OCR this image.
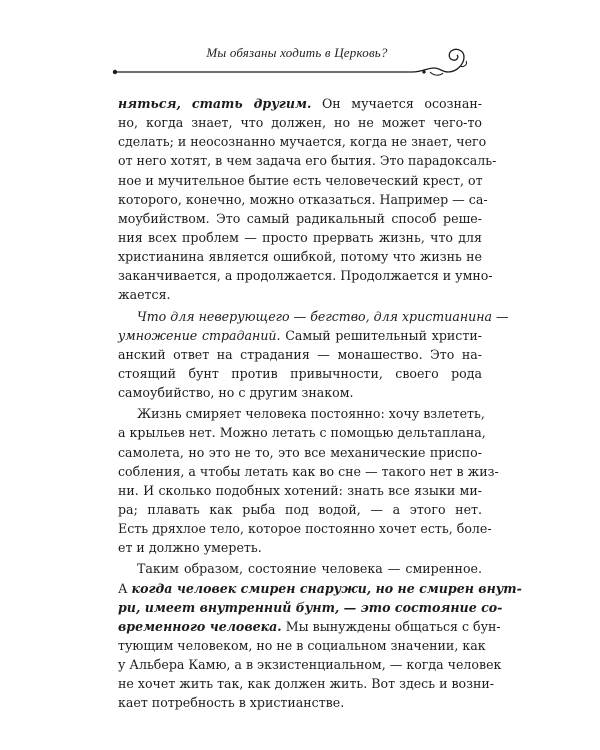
Мы обязаны ходить в Церковь?
няться, стать другим. Он мучается осознан-
но, когда знает, что должен, но не может чего-то
сделать; и неосознанно мучается, когда не знает, чего
от него хотят, в чем задача его бытия. Это парадоксаль-
ное и мучительное бытие есть человеческий крест, от
которого, конечно, можно отказаться. Например — са-
моубийством. Это самый радикальный способ реше-
ния всех проблем — просто прервать жизнь, что для
христианина является ошибкой, потому что жизнь не
заканчивается, а продолжается. Продолжается и умно-
жается.
Что для неверующего — бегство, для христианина —
умножение страданий. Самый решительный христи-
анский ответ на страдания — монашество. Это на-
стоящий бунт против привычности, своего рода
самоубийство, но с другим знаком.
Жизнь смиряет человека постоянно: хочу взлететь,
а крыльев нет. Можно летать с помощью дельтаплана,
самолета, но это не то, это все механические приспо-
собления, а чтобы летать как во сне — такого нет в жиз-
ни. И сколько подобных хотений: знать все языки ми-
ра; плавать как рыба под водой, — а этого нет.
Есть дряхлое тело, которое постоянно хочет есть, боле-
ет и должно умереть.
Таким образом, состояние человека — смиренное.
А когда человек смирен снаружи, но не смирен внут-
ри, имеет внутренний бунт, — это состояние со-
временного человека. Мы вынуждены общаться с бун-
тующим человеком, но не в социальном значении, как
у Альбера Камю, а в экзистенциальном, — когда человек
не хочет жить так, как должен жить. Вот здесь и возни-
кает потребность в христианстве.
